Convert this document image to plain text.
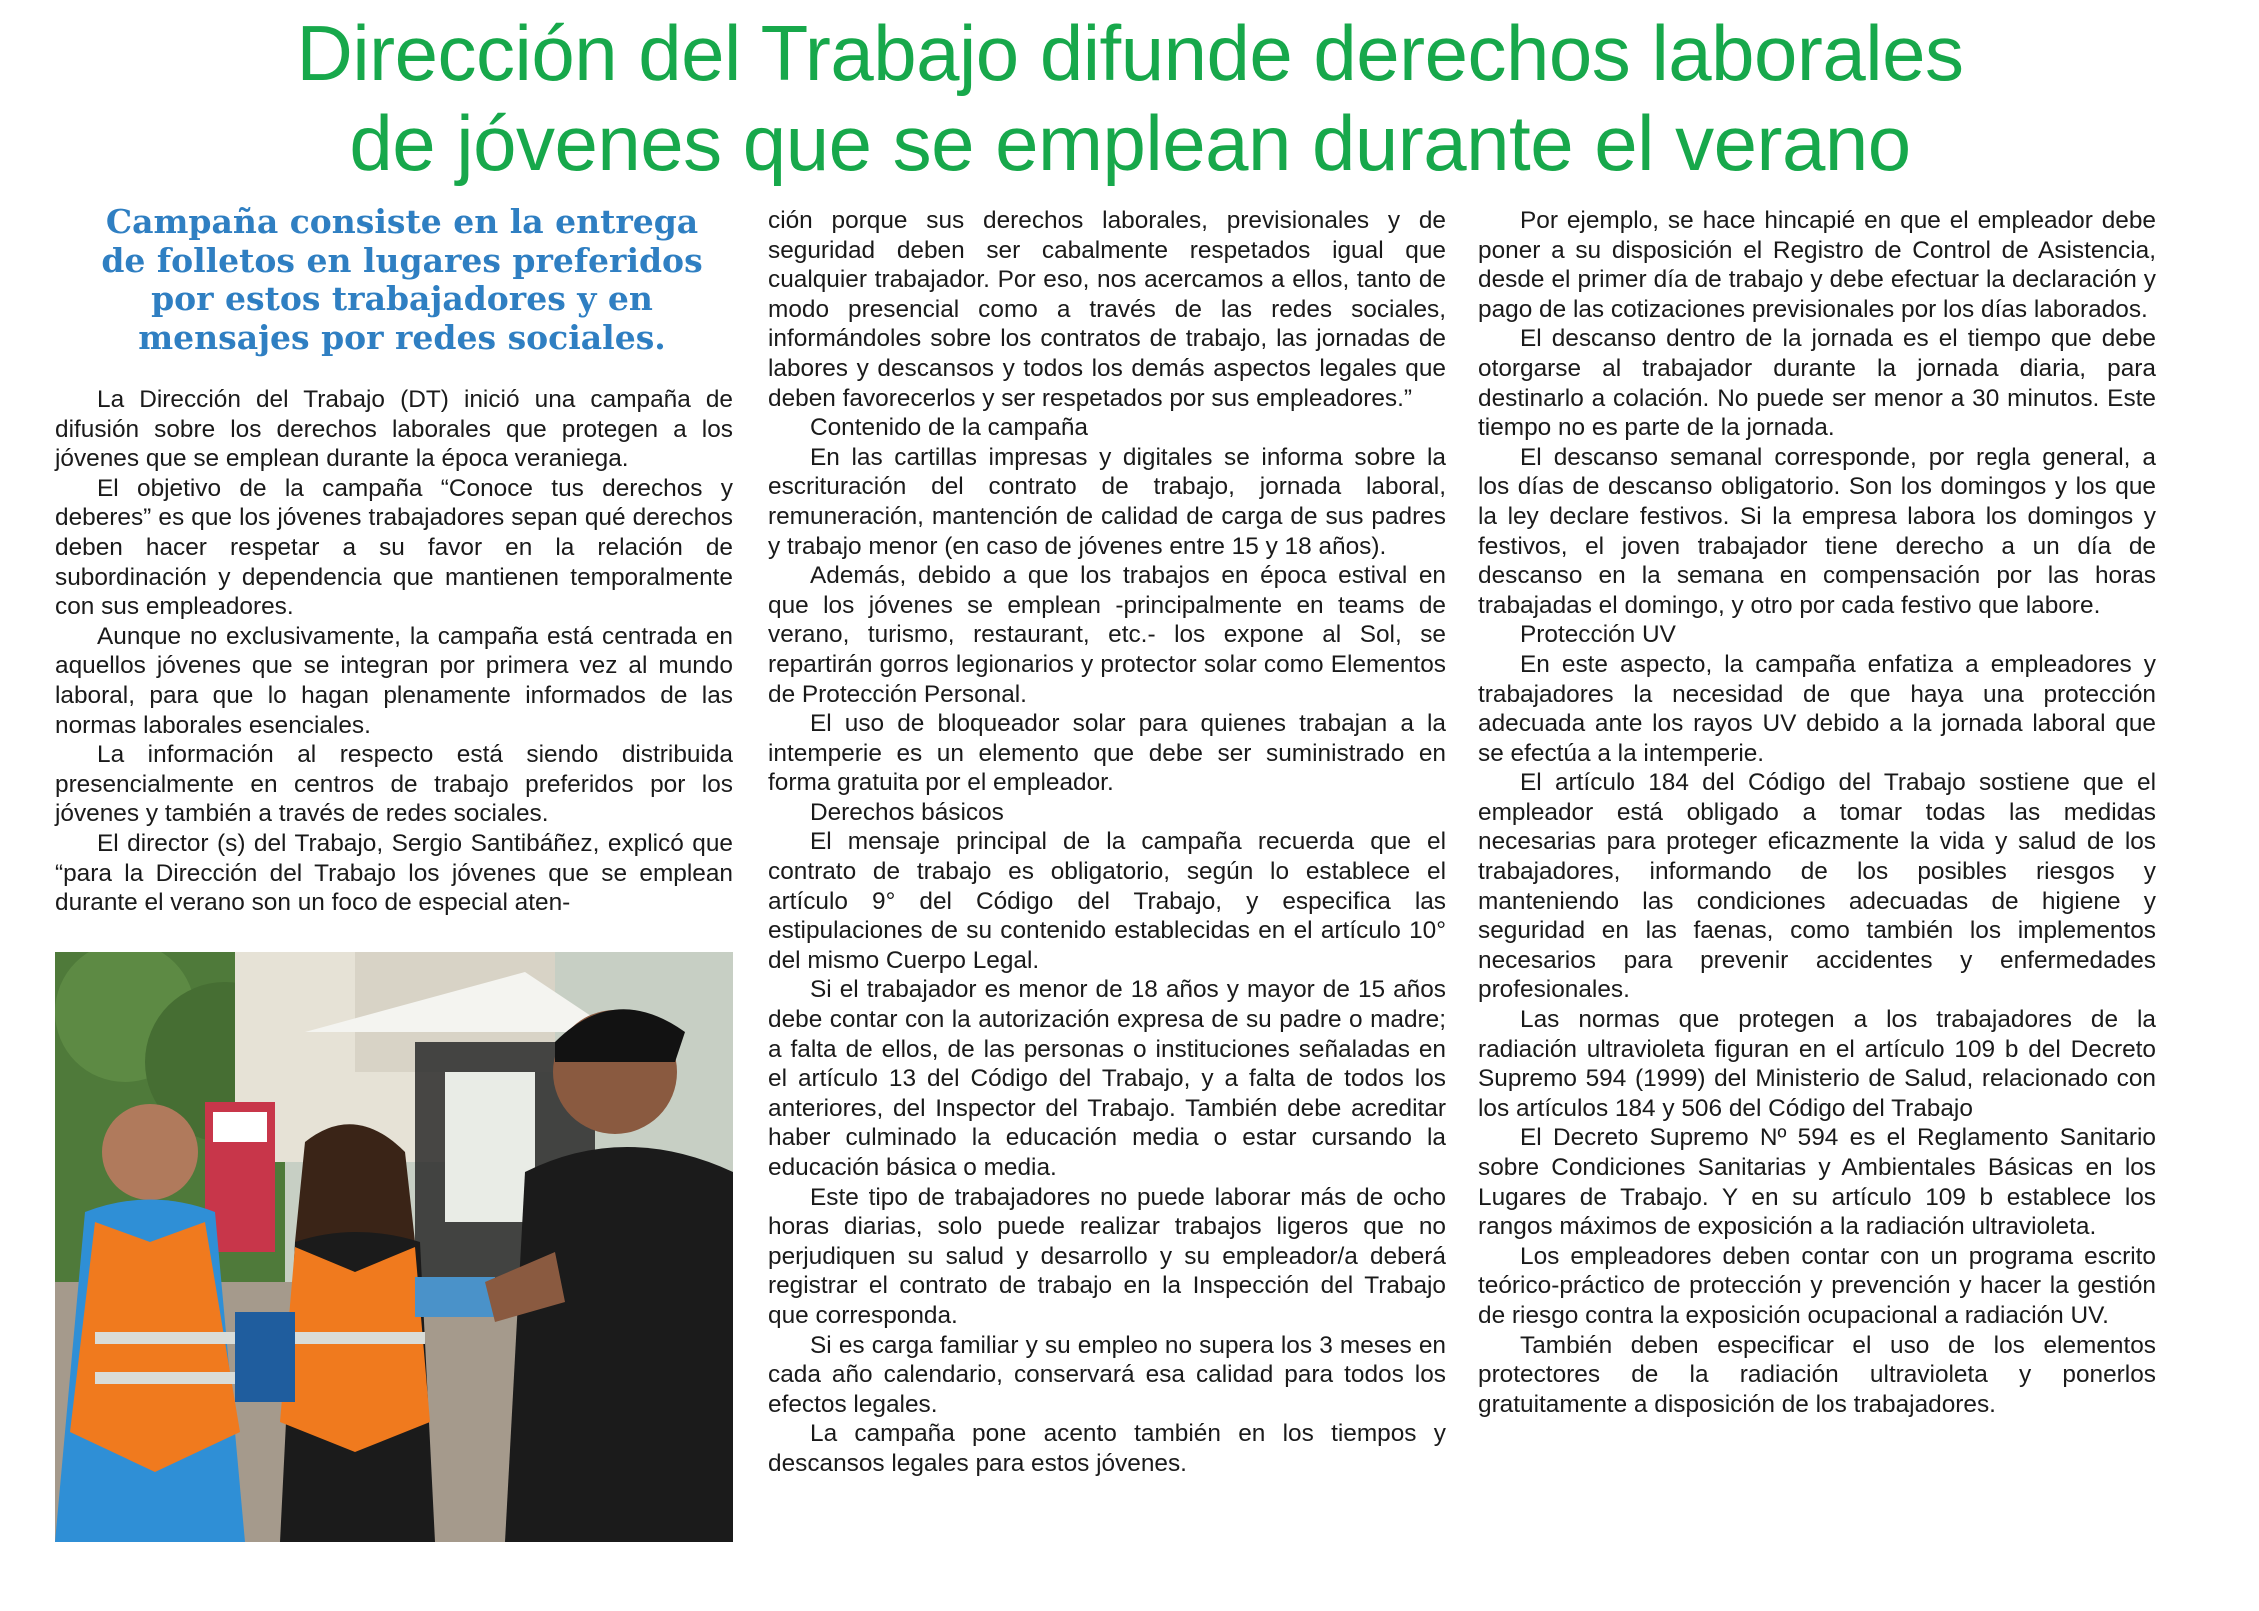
Dirección del Trabajo difunde derechos laborales
de jóvenes que se emplean durante el verano
Campaña consiste en la entrega
de folletos en lugares preferidos
por estos trabajadores y en
mensajes por redes sociales.

La Dirección del Trabajo (DT) inició una campaña de difusión sobre los derechos laborales que protegen a los jóvenes que se emplean durante la época veraniega.

El objetivo de la campaña “Conoce tus derechos y deberes” es que los jóvenes trabajadores sepan qué derechos deben hacer respetar a su favor en la relación de subordinación y dependencia que mantienen temporalmente con sus empleadores.

Aunque no exclusivamente, la campaña está centrada en aquellos jóvenes que se integran por primera vez al mundo laboral, para que lo hagan plenamente informados de las normas laborales esenciales.

La información al respecto está siendo distribuida presencialmente en centros de trabajo preferidos por los jóvenes y también a través de redes sociales.

El director (s) del Trabajo, Sergio Santibáñez, explicó que “para la Dirección del Trabajo los jóvenes que se emplean durante el verano son un foco de especial aten-

ción porque sus derechos laborales, previsionales y de seguridad deben ser cabalmente respetados igual que cualquier trabajador. Por eso, nos acercamos a ellos, tanto de modo presencial como a través de las redes sociales, informándoles sobre los contratos de trabajo, las jornadas de labores y descansos y todos los demás aspectos legales que deben favorecerlos y ser respetados por sus empleadores.”

Contenido de la campaña

En las cartillas impresas y digitales se informa sobre la escrituración del contrato de trabajo, jornada laboral, remuneración, mantención de calidad de carga de sus padres y trabajo menor (en caso de jóvenes entre 15 y 18 años).

Además, debido a que los trabajos en época estival en que los jóvenes se emplean -principalmente en teams de verano, turismo, restaurant, etc.- los expone al Sol, se repartirán gorros legionarios y protector solar como Elementos de Protección Personal.

El uso de bloqueador solar para quienes trabajan a la intemperie es un elemento que debe ser suministrado en forma gratuita por el empleador.

Derechos básicos

El mensaje principal de la campaña recuerda que el contrato de trabajo es obligatorio, según lo establece el artículo 9° del Código del Trabajo, y especifica las estipulaciones de su contenido establecidas en el artículo 10° del mismo Cuerpo Legal.

Si el trabajador es menor de 18 años y mayor de 15 años debe contar con la autorización expresa de su padre o madre; a falta de ellos, de las personas o instituciones señaladas en el artículo 13 del Código del Trabajo, y a falta de todos los anteriores, del Inspector del Trabajo. También debe acreditar haber culminado la educación media o estar cursando la educación básica o media.

Este tipo de trabajadores no puede laborar más de ocho horas diarias, solo puede realizar trabajos ligeros que no perjudiquen su salud y desarrollo y su empleador/a deberá registrar el contrato de trabajo en la Inspección del Trabajo que corresponda.

Si es carga familiar y su empleo no supera los 3 meses en cada año calendario, conservará esa calidad para todos los efectos legales.

La campaña pone acento también en los tiempos y descansos legales para estos jóvenes.

Por ejemplo, se hace hincapié en que el empleador debe poner a su disposición el Registro de Control de Asistencia, desde el primer día de trabajo y debe efectuar la declaración y pago de las cotizaciones previsionales por los días laborados.

El descanso dentro de la jornada es el tiempo que debe otorgarse al trabajador durante la jornada diaria, para destinarlo a colación. No puede ser menor a 30 minutos. Este tiempo no es parte de la jornada.

El descanso semanal corresponde, por regla general, a los días de descanso obligatorio. Son los domingos y los que la ley declare festivos. Si la empresa labora los domingos y festivos, el joven trabajador tiene derecho a un día de descanso en la semana en compensación por las horas trabajadas el domingo, y otro por cada festivo que labore.

Protección UV

En este aspecto, la campaña enfatiza a empleadores y trabajadores la necesidad de que haya una protección adecuada ante los rayos UV debido a la jornada laboral que se efectúa a la intemperie.

El artículo 184 del Código del Trabajo sostiene que el empleador está obligado a tomar todas las medidas necesarias para proteger eficazmente la vida y salud de los trabajadores, informando de los posibles riesgos y manteniendo las condiciones adecuadas de higiene y seguridad en las faenas, como también los implementos necesarios para prevenir accidentes y enfermedades profesionales.

Las normas que protegen a los trabajadores de la radiación ultravioleta figuran en el artículo 109 b del Decreto Supremo 594 (1999) del Ministerio de Salud, relacionado con los artículos 184 y 506 del Código del Trabajo

El Decreto Supremo Nº 594 es el Reglamento Sanitario sobre Condiciones Sanitarias y Ambientales Básicas en los Lugares de Trabajo. Y en su artículo 109 b establece los rangos máximos de exposición a la radiación ultravioleta.

Los empleadores deben contar con un programa escrito teórico-práctico de protección y prevención y hacer la gestión de riesgo contra la exposición ocupacional a radiación UV.

También deben especificar el uso de los elementos protectores de la radiación ultravioleta y ponerlos gratuitamente a disposición de los trabajadores.
